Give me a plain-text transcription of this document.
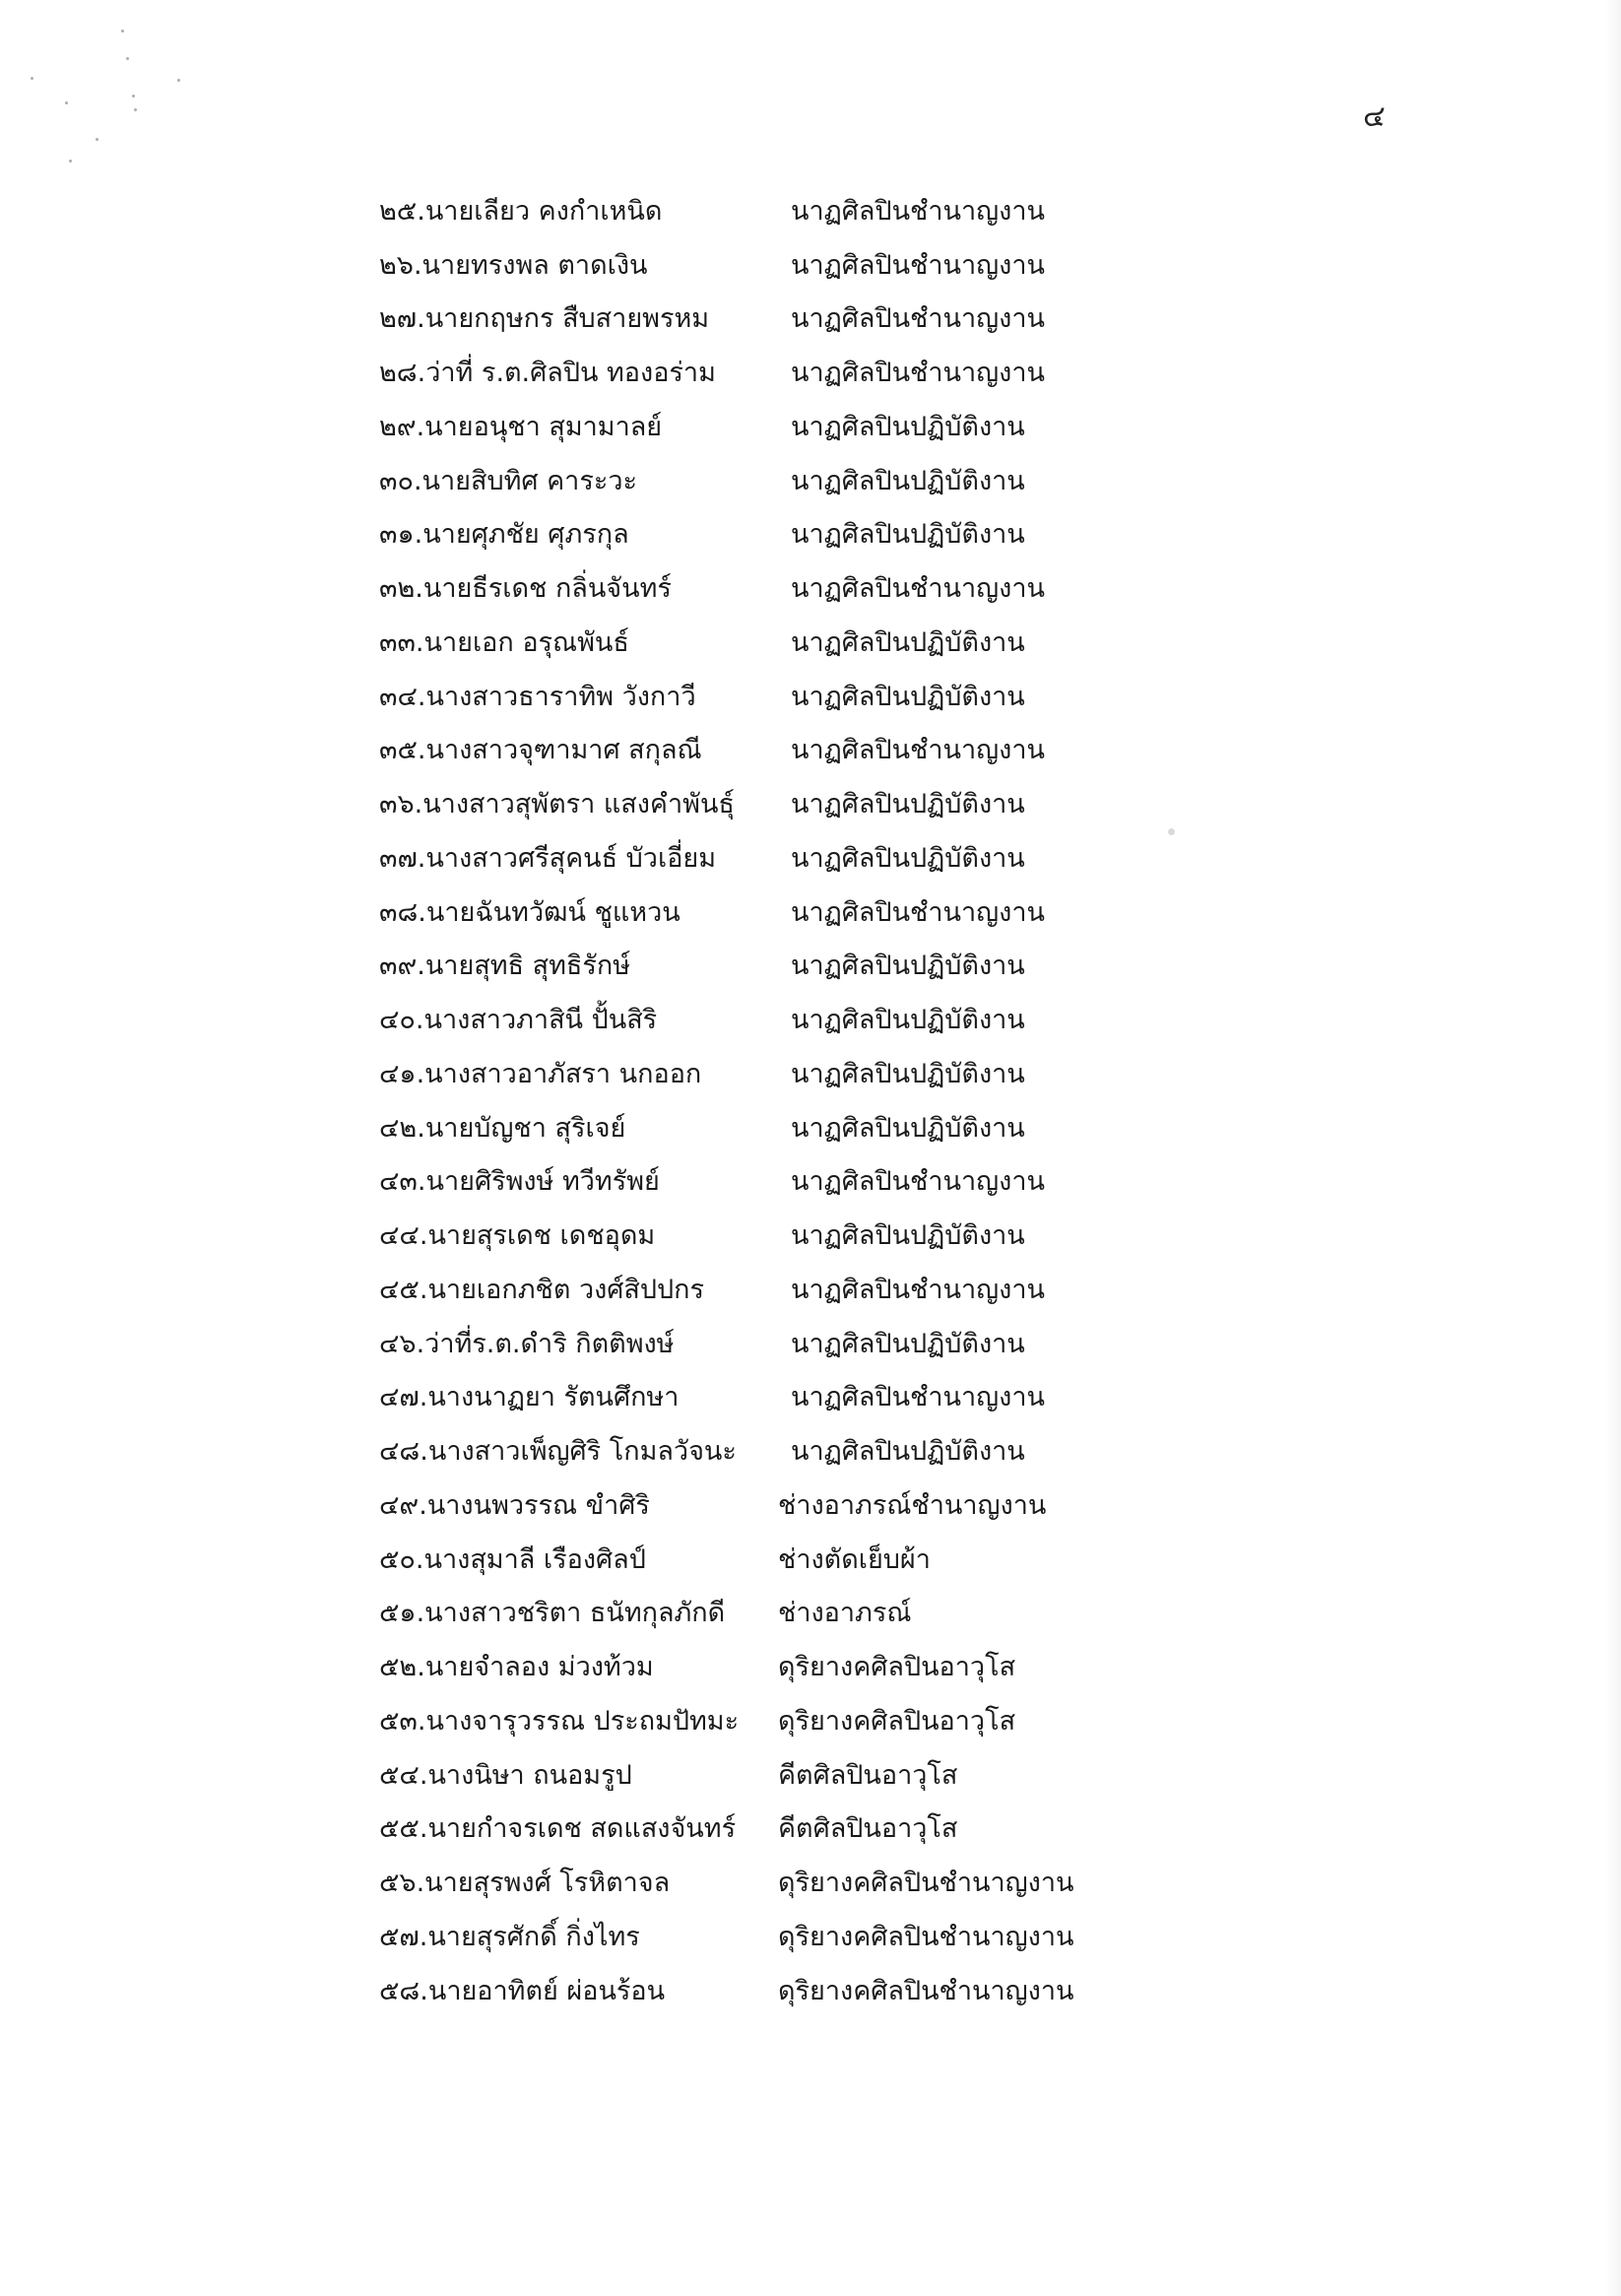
๔
๒๕.นายเลียว คงกำเหนิด	นาฏศิลปินชำนาญงาน
๒๖.นายทรงพล ตาดเงิน	นาฏศิลปินชำนาญงาน
๒๗.นายกฤษกร สืบสายพรหม	นาฏศิลปินชำนาญงาน
๒๘.ว่าที่ ร.ต.ศิลปิน ทองอร่าม	นาฏศิลปินชำนาญงาน
๒๙.นายอนุชา สุมามาลย์	นาฏศิลปินปฏิบัติงาน
๓๐.นายสิบทิศ คาระวะ	นาฏศิลปินปฏิบัติงาน
๓๑.นายศุภชัย ศุภรกุล	นาฏศิลปินปฏิบัติงาน
๓๒.นายธีรเดช กลิ่นจันทร์	นาฏศิลปินชำนาญงาน
๓๓.นายเอก อรุณพันธ์	นาฏศิลปินปฏิบัติงาน
๓๔.นางสาวธาราทิพ วังกาวี	นาฏศิลปินปฏิบัติงาน
๓๕.นางสาวจุฑามาศ สกุลณี	นาฏศิลปินชำนาญงาน
๓๖.นางสาวสุพัตรา แสงคำพันธุ์	นาฏศิลปินปฏิบัติงาน
๓๗.นางสาวศรีสุคนธ์ บัวเอี่ยม	นาฏศิลปินปฏิบัติงาน
๓๘.นายฉันทวัฒน์ ชูแหวน	นาฏศิลปินชำนาญงาน
๓๙.นายสุทธิ สุทธิรักษ์	นาฏศิลปินปฏิบัติงาน
๔๐.นางสาวภาสินี ปั้นสิริ	นาฏศิลปินปฏิบัติงาน
๔๑.นางสาวอาภัสรา นกออก	นาฏศิลปินปฏิบัติงาน
๔๒.นายบัญชา สุริเจย์	นาฏศิลปินปฏิบัติงาน
๔๓.นายศิริพงษ์ ทวีทรัพย์	นาฏศิลปินชำนาญงาน
๔๔.นายสุรเดช เดชอุดม	นาฏศิลปินปฏิบัติงาน
๔๕.นายเอกภชิต วงศ์สิปปกร	นาฏศิลปินชำนาญงาน
๔๖.ว่าที่ร.ต.ดำริ กิตติพงษ์	นาฏศิลปินปฏิบัติงาน
๔๗.นางนาฏยา รัตนศึกษา	นาฏศิลปินชำนาญงาน
๔๘.นางสาวเพ็ญศิริ โกมลวัจนะ	นาฏศิลปินปฏิบัติงาน
๔๙.นางนพวรรณ ขำศิริ	ช่างอาภรณ์ชำนาญงาน
๕๐.นางสุมาลี เรืองศิลป์	ช่างตัดเย็บผ้า
๕๑.นางสาวชริตา ธนัทกุลภักดี	ช่างอาภรณ์
๕๒.นายจำลอง ม่วงท้วม	ดุริยางคศิลปินอาวุโส
๕๓.นางจารุวรรณ ประถมปัทมะ	ดุริยางคศิลปินอาวุโส
๕๔.นางนิษา ถนอมรูป	คีตศิลปินอาวุโส
๕๕.นายกำจรเดช สดแสงจันทร์	คีตศิลปินอาวุโส
๕๖.นายสุรพงศ์ โรหิตาจล	ดุริยางคศิลปินชำนาญงาน
๕๗.นายสุรศักดิ์ กิ่งไทร	ดุริยางคศิลปินชำนาญงาน
๕๘.นายอาทิตย์ ผ่อนร้อน	ดุริยางคศิลปินชำนาญงาน
